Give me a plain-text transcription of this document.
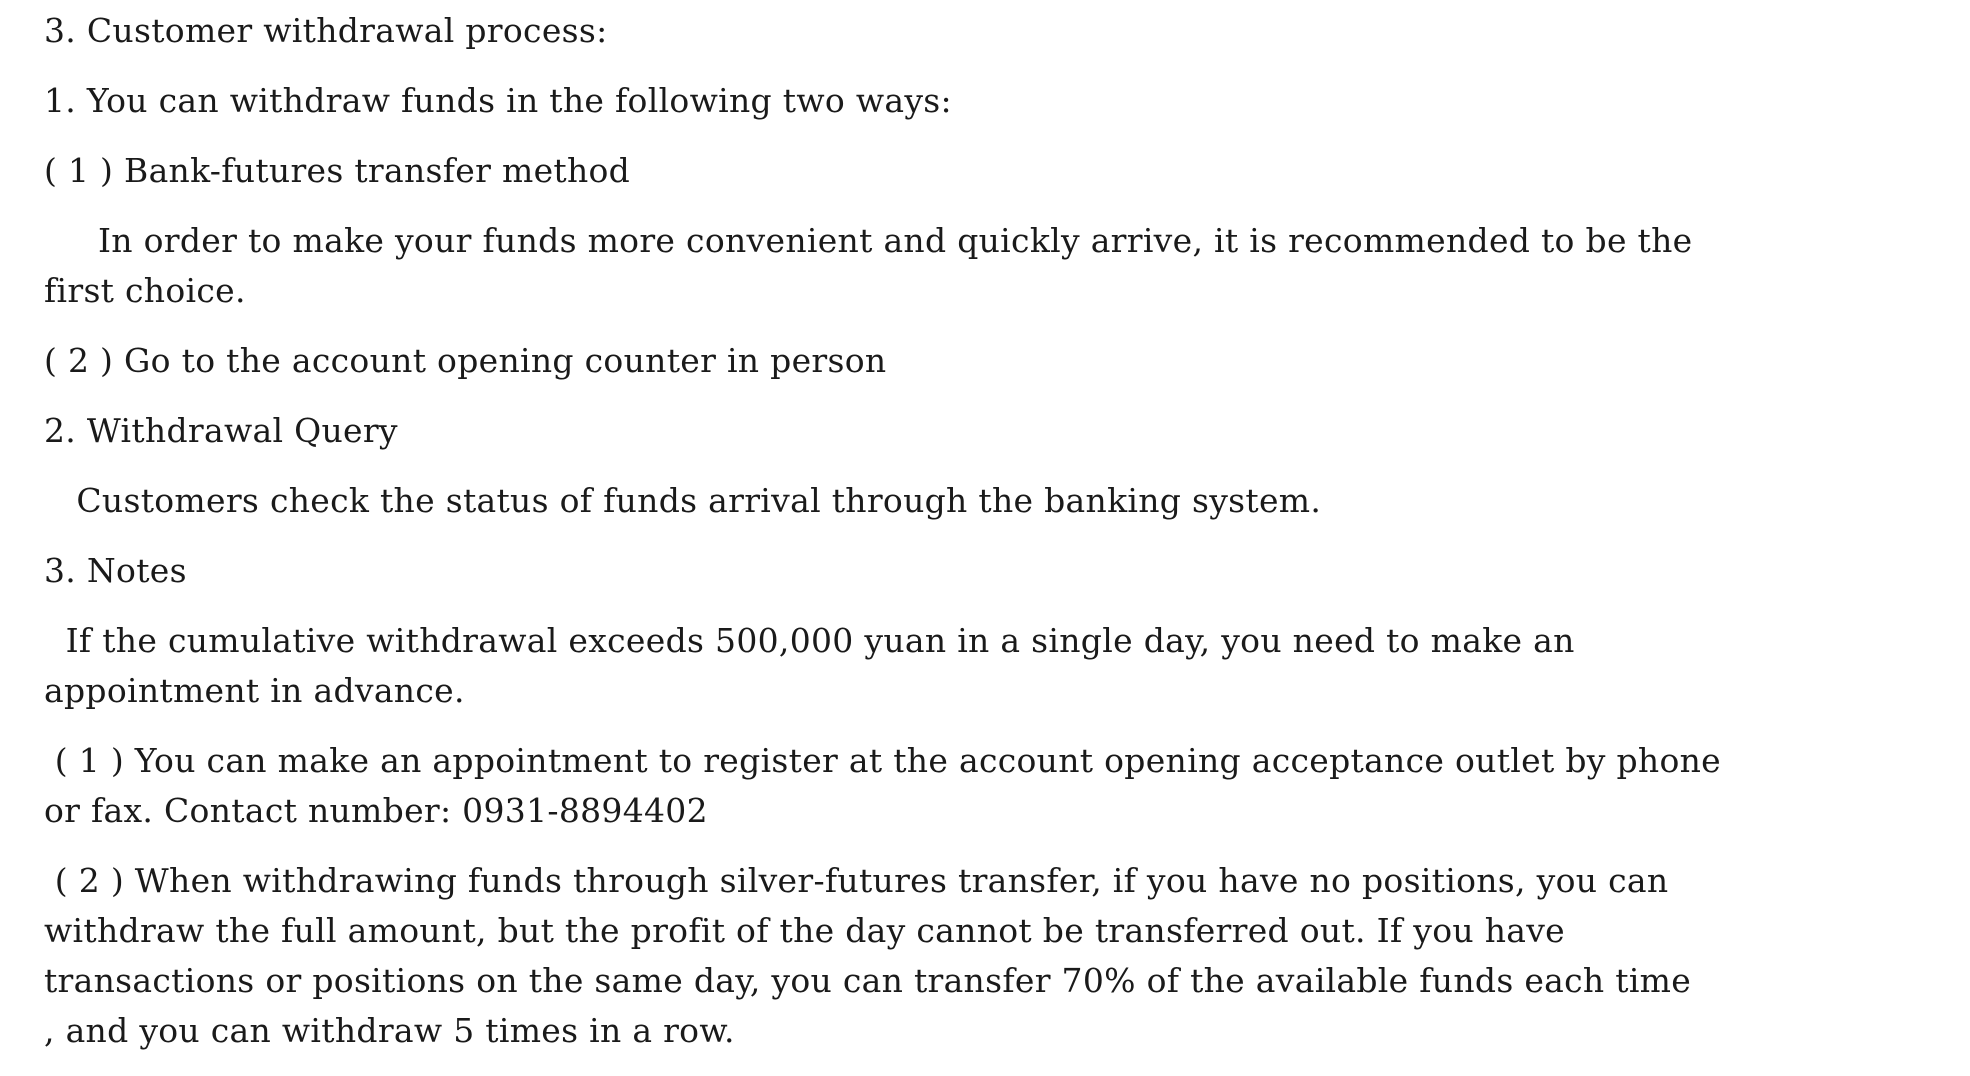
3. Customer withdrawal process:
1. You can withdraw funds in the following two ways:
( 1 ) Bank-futures transfer method
In order to make your funds more convenient and quickly arrive, it is recommended to be the
first choice.
( 2 ) Go to the account opening counter in person
2. Withdrawal Query
Customers check the status of funds arrival through the banking system.
3. Notes
If the cumulative withdrawal exceeds 500,000 yuan in a single day, you need to make an
appointment in advance.
( 1 ) You can make an appointment to register at the account opening acceptance outlet by phone
or fax. Contact number: 0931-8894402
( 2 ) When withdrawing funds through silver-futures transfer, if you have no positions, you can
withdraw the full amount, but the profit of the day cannot be transferred out. If you have
transactions or positions on the same day, you can transfer 70% of the available funds each time
, and you can withdraw 5 times in a row.
